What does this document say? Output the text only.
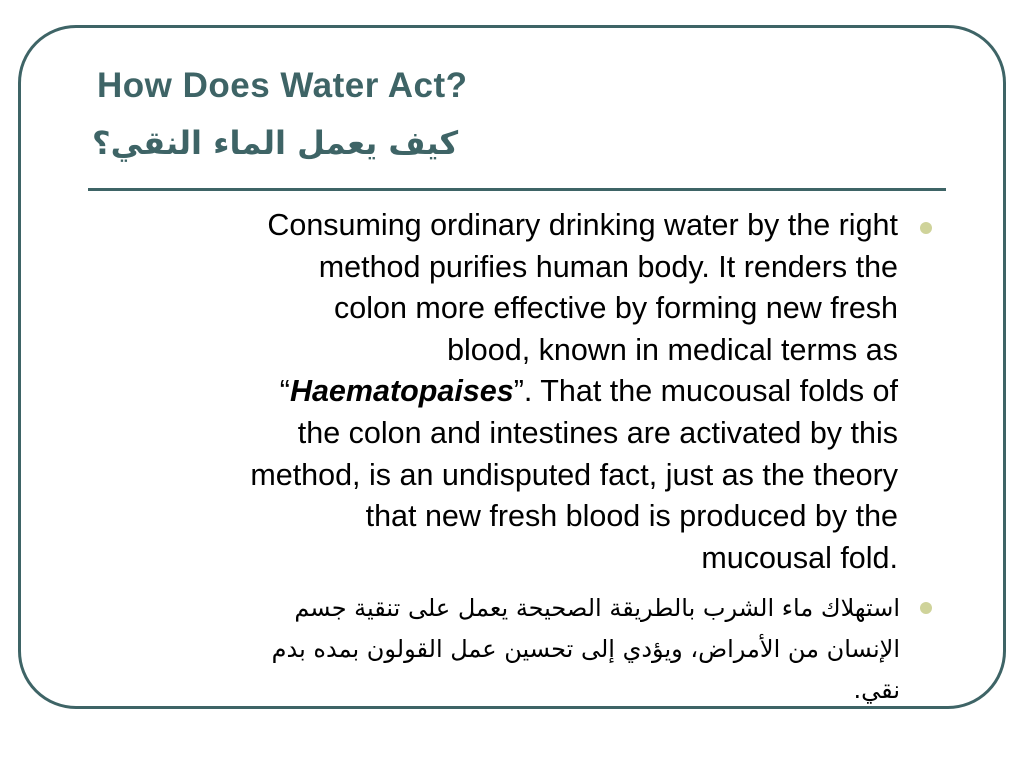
How Does Water Act?
كيف يعمل الماء النقي؟

Consuming ordinary drinking water by the right
method purifies human body. It renders the
colon more effective by forming new fresh
blood, known in medical terms as
“Haematopaises”. That the mucousal folds of
the colon and intestines are activated by this
method, is an undisputed fact, just as the theory
that new fresh blood is produced by the
mucousal fold.

استهلاك ماء الشرب بالطريقة الصحيحة يعمل على تنقية جسم
الإنسان من الأمراض، ويؤدي إلى تحسين عمل القولون بمده بدم
نقي.
